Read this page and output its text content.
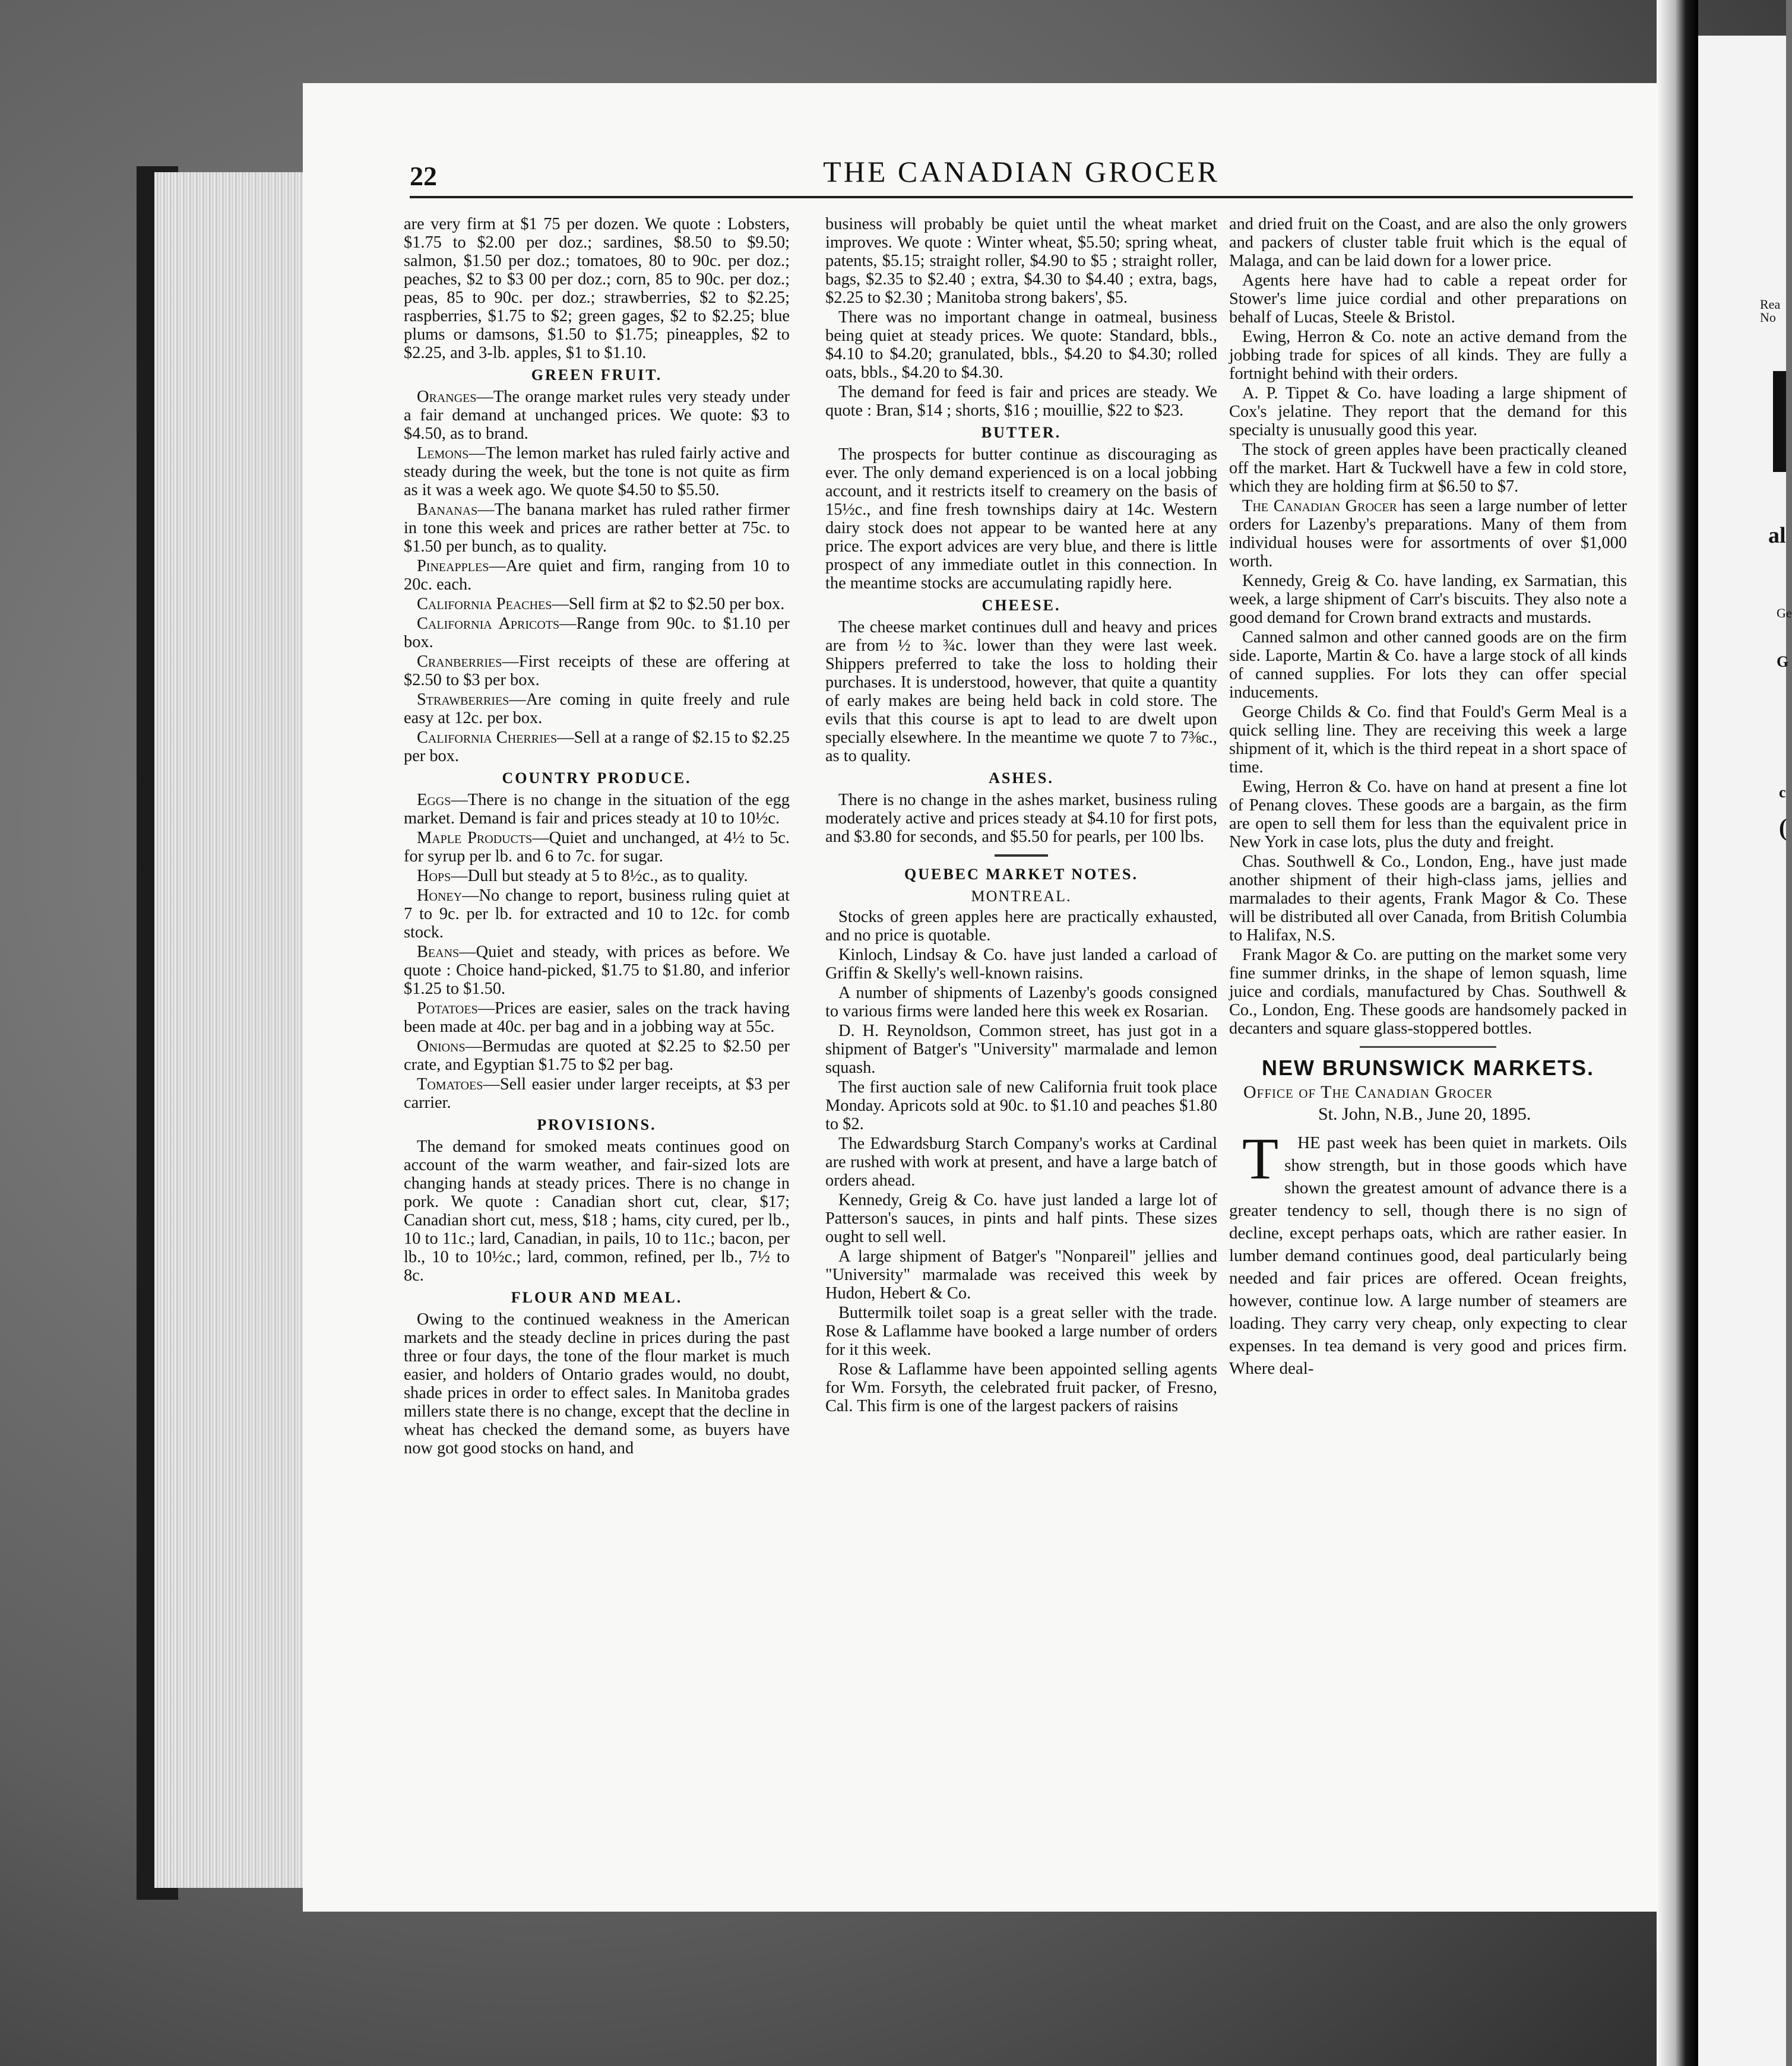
22	THE CANADIAN GROCER

are very firm at $1 75 per dozen. We quote : Lobsters, $1.75 to $2.00 per doz.; sardines, $8.50 to $9.50; salmon, $1.50 per doz.; tomatoes, 80 to 90c. per doz.; peaches, $2 to $3 00 per doz.; corn, 85 to 90c. per doz.; peas, 85 to 90c. per doz.; strawberries, $2 to $2.25; raspberries, $1.75 to $2; green gages, $2 to $2.25; blue plums or damsons, $1.50 to $1.75; pineapples, $2 to $2.25, and 3-lb. apples, $1 to $1.10.

GREEN FRUIT.

Oranges—The orange market rules very steady under a fair demand at unchanged prices. We quote: $3 to $4.50, as to brand.

Lemons—The lemon market has ruled fairly active and steady during the week, but the tone is not quite as firm as it was a week ago. We quote $4.50 to $5.50.

Bananas—The banana market has ruled rather firmer in tone this week and prices are rather better at 75c. to $1.50 per bunch, as to quality.

Pineapples—Are quiet and firm, ranging from 10 to 20c. each.

California Peaches—Sell firm at $2 to $2.50 per box.

California Apricots—Range from 90c. to $1.10 per box.

Cranberries—First receipts of these are offering at $2.50 to $3 per box.

Strawberries—Are coming in quite freely and rule easy at 12c. per box.

California Cherries—Sell at a range of $2.15 to $2.25 per box.

COUNTRY PRODUCE.

Eggs—There is no change in the situation of the egg market. Demand is fair and prices steady at 10 to 10½c.

Maple Products—Quiet and unchanged, at 4½ to 5c. for syrup per lb. and 6 to 7c. for sugar.

Hops—Dull but steady at 5 to 8½c., as to quality.

Honey—No change to report, business ruling quiet at 7 to 9c. per lb. for extracted and 10 to 12c. for comb stock.

Beans—Quiet and steady, with prices as before. We quote : Choice hand-picked, $1.75 to $1.80, and inferior $1.25 to $1.50.

Potatoes—Prices are easier, sales on the track having been made at 40c. per bag and in a jobbing way at 55c.

Onions—Bermudas are quoted at $2.25 to $2.50 per crate, and Egyptian $1.75 to $2 per bag.

Tomatoes—Sell easier under larger receipts, at $3 per carrier.

PROVISIONS.

The demand for smoked meats continues good on account of the warm weather, and fair-sized lots are changing hands at steady prices. There is no change in pork. We quote : Canadian short cut, clear, $17; Canadian short cut, mess, $18 ; hams, city cured, per lb., 10 to 11c.; lard, Canadian, in pails, 10 to 11c.; bacon, per lb., 10 to 10½c.; lard, common, refined, per lb., 7½ to 8c.

FLOUR AND MEAL.

Owing to the continued weakness in the American markets and the steady decline in prices during the past three or four days, the tone of the flour market is much easier, and holders of Ontario grades would, no doubt, shade prices in order to effect sales. In Manitoba grades millers state there is no change, except that the decline in wheat has checked the demand some, as buyers have now got good stocks on hand, and

business will probably be quiet until the wheat market improves. We quote : Winter wheat, $5.50; spring wheat, patents, $5.15; straight roller, $4.90 to $5 ; straight roller, bags, $2.35 to $2.40 ; extra, $4.30 to $4.40 ; extra, bags, $2.25 to $2.30 ; Manitoba strong bakers', $5.

There was no important change in oatmeal, business being quiet at steady prices. We quote: Standard, bbls., $4.10 to $4.20; granulated, bbls., $4.20 to $4.30; rolled oats, bbls., $4.20 to $4.30.

The demand for feed is fair and prices are steady. We quote : Bran, $14 ; shorts, $16 ; mouillie, $22 to $23.

BUTTER.

The prospects for butter continue as discouraging as ever. The only demand experienced is on a local jobbing account, and it restricts itself to creamery on the basis of 15½c., and fine fresh townships dairy at 14c. Western dairy stock does not appear to be wanted here at any price. The export advices are very blue, and there is little prospect of any immediate outlet in this connection. In the meantime stocks are accumulating rapidly here.

CHEESE.

The cheese market continues dull and heavy and prices are from ½ to ¾c. lower than they were last week. Shippers preferred to take the loss to holding their purchases. It is understood, however, that quite a quantity of early makes are being held back in cold store. The evils that this course is apt to lead to are dwelt upon specially elsewhere. In the meantime we quote 7 to 7⅜c., as to quality.

ASHES.

There is no change in the ashes market, business ruling moderately active and prices steady at $4.10 for first pots, and $3.80 for seconds, and $5.50 for pearls, per 100 lbs.

QUEBEC MARKET NOTES.
MONTREAL.

Stocks of green apples here are practically exhausted, and no price is quotable.

Kinloch, Lindsay & Co. have just landed a carload of Griffin & Skelly's well-known raisins.

A number of shipments of Lazenby's goods consigned to various firms were landed here this week ex Rosarian.

D. H. Reynoldson, Common street, has just got in a shipment of Batger's "University" marmalade and lemon squash.

The first auction sale of new California fruit took place Monday. Apricots sold at 90c. to $1.10 and peaches $1.80 to $2.

The Edwardsburg Starch Company's works at Cardinal are rushed with work at present, and have a large batch of orders ahead.

Kennedy, Greig & Co. have just landed a large lot of Patterson's sauces, in pints and half pints. These sizes ought to sell well.

A large shipment of Batger's "Nonpareil" jellies and "University" marmalade was received this week by Hudon, Hebert & Co.

Buttermilk toilet soap is a great seller with the trade. Rose & Laflamme have booked a large number of orders for it this week.

Rose & Laflamme have been appointed selling agents for Wm. Forsyth, the celebrated fruit packer, of Fresno, Cal. This firm is one of the largest packers of raisins

and dried fruit on the Coast, and are also the only growers and packers of cluster table fruit which is the equal of Malaga, and can be laid down for a lower price.

Agents here have had to cable a repeat order for Stower's lime juice cordial and other preparations on behalf of Lucas, Steele & Bristol.

Ewing, Herron & Co. note an active demand from the jobbing trade for spices of all kinds. They are fully a fortnight behind with their orders.

A. P. Tippet & Co. have loading a large shipment of Cox's jelatine. They report that the demand for this specialty is unusually good this year.

The stock of green apples have been practically cleaned off the market. Hart & Tuckwell have a few in cold store, which they are holding firm at $6.50 to $7.

The Canadian Grocer has seen a large number of letter orders for Lazenby's preparations. Many of them from individual houses were for assortments of over $1,000 worth.

Kennedy, Greig & Co. have landing, ex Sarmatian, this week, a large shipment of Carr's biscuits. They also note a good demand for Crown brand extracts and mustards.

Canned salmon and other canned goods are on the firm side. Laporte, Martin & Co. have a large stock of all kinds of canned supplies. For lots they can offer special inducements.

George Childs & Co. find that Fould's Germ Meal is a quick selling line. They are receiving this week a large shipment of it, which is the third repeat in a short space of time.

Ewing, Herron & Co. have on hand at present a fine lot of Penang cloves. These goods are a bargain, as the firm are open to sell them for less than the equivalent price in New York in case lots, plus the duty and freight.

Chas. Southwell & Co., London, Eng., have just made another shipment of their high-class jams, jellies and marmalades to their agents, Frank Magor & Co. These will be distributed all over Canada, from British Columbia to Halifax, N.S.

Frank Magor & Co. are putting on the market some very fine summer drinks, in the shape of lemon squash, lime juice and cordials, manufactured by Chas. Southwell & Co., London, Eng. These goods are handsomely packed in decanters and square glass-stoppered bottles.

NEW BRUNSWICK MARKETS.
Office of The Canadian Grocer
St. John, N.B., June 20, 1895.

T HE past week has been quiet in markets. Oils show strength, but in those goods which have shown the greatest amount of advance there is a greater tendency to sell, though there is no sign of decline, except perhaps oats, which are rather easier. In lumber demand continues good, deal particularly being needed and fair prices are offered. Ocean freights, however, continue low. A large number of steamers are loading. They carry very cheap, only expecting to clear expenses. In tea demand is very good and prices firm. Where deal-

Rea
No
al
Ge
G
c
(
